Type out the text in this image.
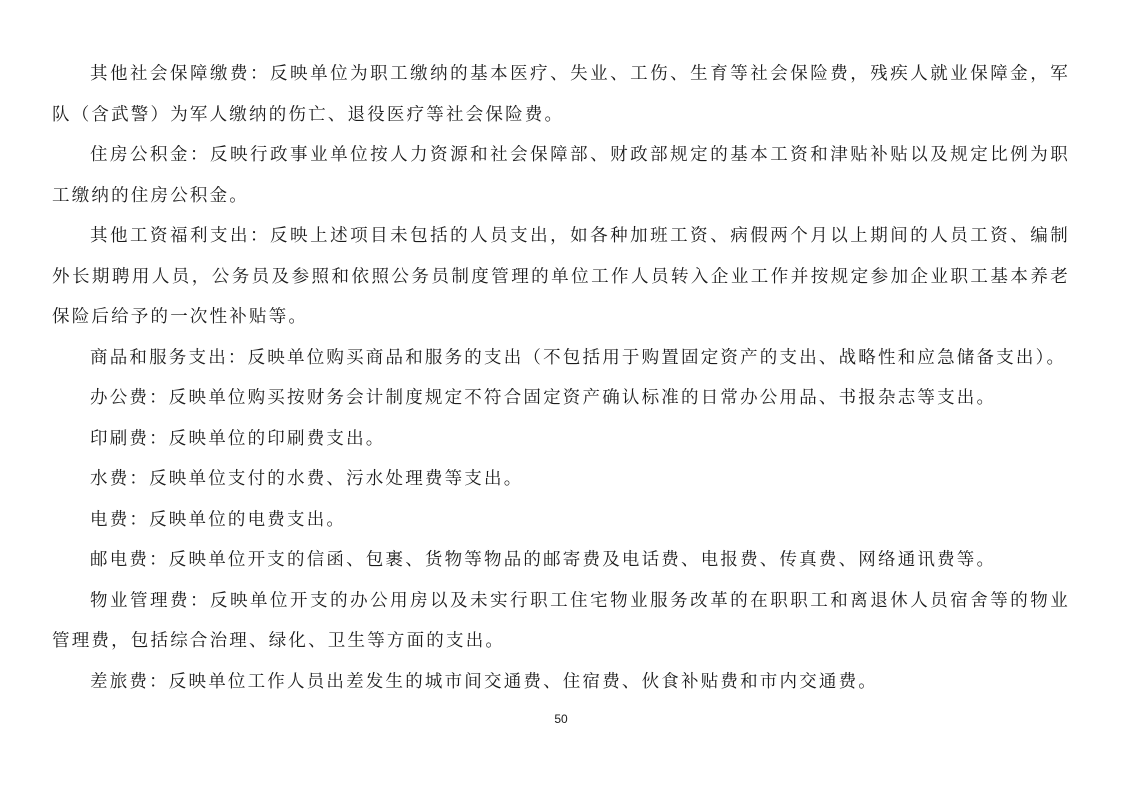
其他社会保障缴费：反映单位为职工缴纳的基本医疗、失业、工伤、生育等社会保险费，残疾人就业保障金，军队（含武警）为军人缴纳的伤亡、退役医疗等社会保险费。

住房公积金：反映行政事业单位按人力资源和社会保障部、财政部规定的基本工资和津贴补贴以及规定比例为职工缴纳的住房公积金。

其他工资福利支出：反映上述项目未包括的人员支出，如各种加班工资、病假两个月以上期间的人员工资、编制外长期聘用人员，公务员及参照和依照公务员制度管理的单位工作人员转入企业工作并按规定参加企业职工基本养老保险后给予的一次性补贴等。

商品和服务支出：反映单位购买商品和服务的支出（不包括用于购置固定资产的支出、战略性和应急储备支出）。

办公费：反映单位购买按财务会计制度规定不符合固定资产确认标准的日常办公用品、书报杂志等支出。

印刷费：反映单位的印刷费支出。

水费：反映单位支付的水费、污水处理费等支出。

电费：反映单位的电费支出。

邮电费：反映单位开支的信函、包裹、货物等物品的邮寄费及电话费、电报费、传真费、网络通讯费等。

物业管理费：反映单位开支的办公用房以及未实行职工住宅物业服务改革的在职职工和离退休人员宿舍等的物业管理费，包括综合治理、绿化、卫生等方面的支出。

差旅费：反映单位工作人员出差发生的城市间交通费、住宿费、伙食补贴费和市内交通费。

50
